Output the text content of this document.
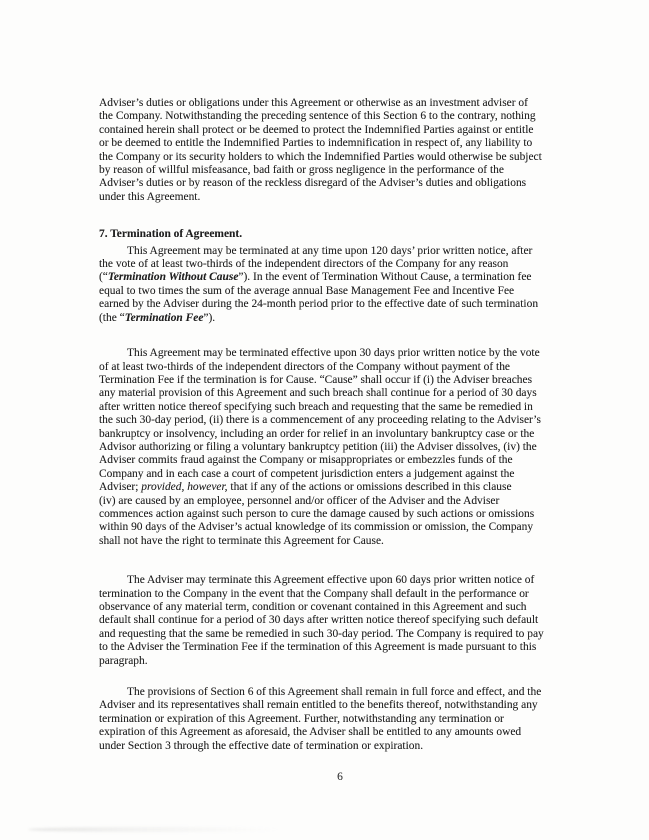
Adviser’s duties or obligations under this Agreement or otherwise as an investment adviser of
the Company. Notwithstanding the preceding sentence of this Section 6 to the contrary, nothing
contained herein shall protect or be deemed to protect the Indemnified Parties against or entitle
or be deemed to entitle the Indemnified Parties to indemnification in respect of, any liability to
the Company or its security holders to which the Indemnified Parties would otherwise be subject
by reason of willful misfeasance, bad faith or gross negligence in the performance of the
Adviser’s duties or by reason of the reckless disregard of the Adviser’s duties and obligations
under this Agreement.

7. Termination of Agreement.

This Agreement may be terminated at any time upon 120 days’ prior written notice, after
the vote of at least two-thirds of the independent directors of the Company for any reason
(“Termination Without Cause”). In the event of Termination Without Cause, a termination fee
equal to two times the sum of the average annual Base Management Fee and Incentive Fee
earned by the Adviser during the 24-month period prior to the effective date of such termination
(the “Termination Fee”).

This Agreement may be terminated effective upon 30 days prior written notice by the vote
of at least two-thirds of the independent directors of the Company without payment of the
Termination Fee if the termination is for Cause. “Cause” shall occur if (i) the Adviser breaches
any material provision of this Agreement and such breach shall continue for a period of 30 days
after written notice thereof specifying such breach and requesting that the same be remedied in
the such 30-day period, (ii) there is a commencement of any proceeding relating to the Adviser’s
bankruptcy or insolvency, including an order for relief in an involuntary bankruptcy case or the
Advisor authorizing or filing a voluntary bankruptcy petition (iii) the Adviser dissolves, (iv) the
Adviser commits fraud against the Company or misappropriates or embezzles funds of the
Company and in each case a court of competent jurisdiction enters a judgement against the
Adviser; provided, however, that if any of the actions or omissions described in this clause
(iv) are caused by an employee, personnel and/or officer of the Adviser and the Adviser
commences action against such person to cure the damage caused by such actions or omissions
within 90 days of the Adviser’s actual knowledge of its commission or omission, the Company
shall not have the right to terminate this Agreement for Cause.

The Adviser may terminate this Agreement effective upon 60 days prior written notice of
termination to the Company in the event that the Company shall default in the performance or
observance of any material term, condition or covenant contained in this Agreement and such
default shall continue for a period of 30 days after written notice thereof specifying such default
and requesting that the same be remedied in such 30-day period. The Company is required to pay
to the Adviser the Termination Fee if the termination of this Agreement is made pursuant to this
paragraph.

The provisions of Section 6 of this Agreement shall remain in full force and effect, and the
Adviser and its representatives shall remain entitled to the benefits thereof, notwithstanding any
termination or expiration of this Agreement. Further, notwithstanding any termination or
expiration of this Agreement as aforesaid, the Adviser shall be entitled to any amounts owed
under Section 3 through the effective date of termination or expiration.

6
